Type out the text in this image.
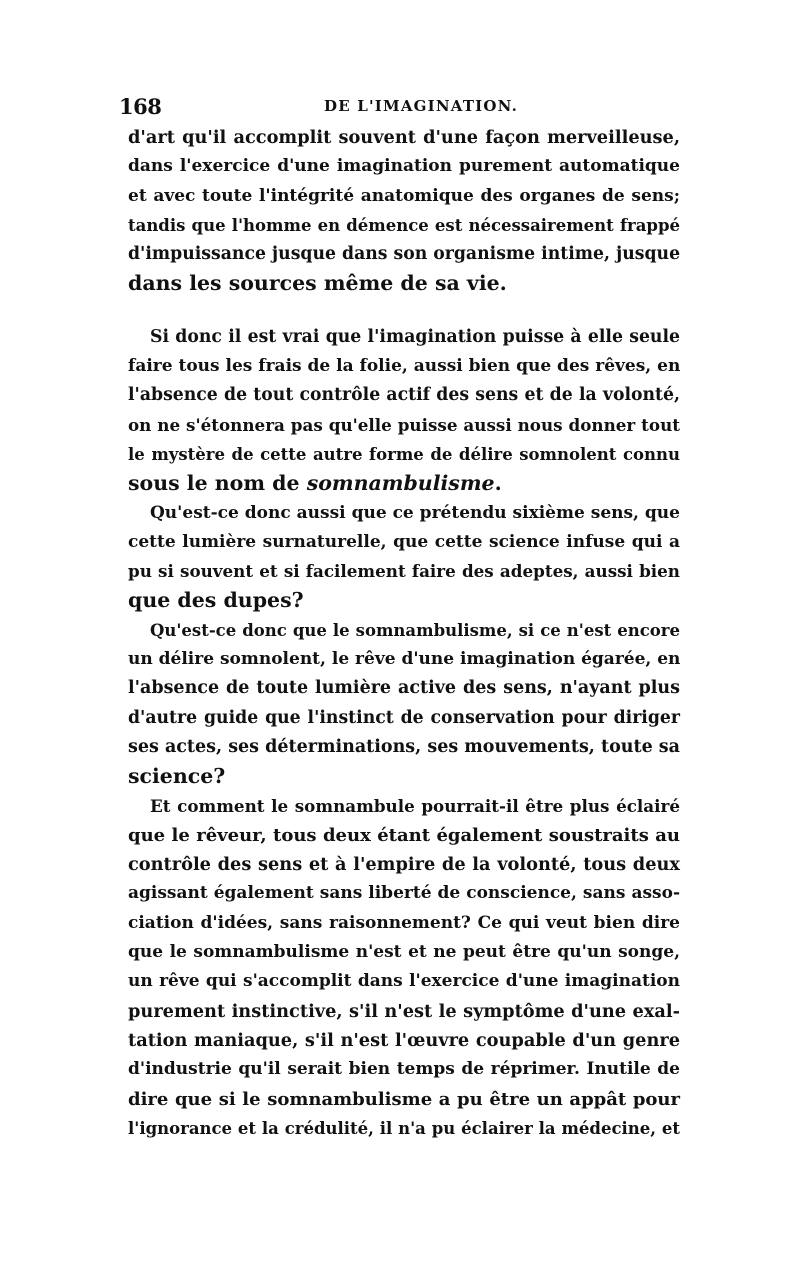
168	DE L'IMAGINATION.
d'art qu'il accomplit souvent d'une façon merveilleuse,
dans l'exercice d'une imagination purement automatique
et avec toute l'intégrité anatomique des organes de sens;
tandis que l'homme en démence est nécessairement frappé
d'impuissance jusque dans son organisme intime, jusque
dans les sources même de sa vie.
Si donc il est vrai que l'imagination puisse à elle seule
faire tous les frais de la folie, aussi bien que des rêves, en
l'absence de tout contrôle actif des sens et de la volonté,
on ne s'étonnera pas qu'elle puisse aussi nous donner tout
le mystère de cette autre forme de délire somnolent connu
sous le nom de somnambulisme.
Qu'est-ce donc aussi que ce prétendu sixième sens, que
cette lumière surnaturelle, que cette science infuse qui a
pu si souvent et si facilement faire des adeptes, aussi bien
que des dupes?
Qu'est-ce donc que le somnambulisme, si ce n'est encore
un délire somnolent, le rêve d'une imagination égarée, en
l'absence de toute lumière active des sens, n'ayant plus
d'autre guide que l'instinct de conservation pour diriger
ses actes, ses déterminations, ses mouvements, toute sa
science?
Et comment le somnambule pourrait-il être plus éclairé
que le rêveur, tous deux étant également soustraits au
contrôle des sens et à l'empire de la volonté, tous deux
agissant également sans liberté de conscience, sans asso-
ciation d'idées, sans raisonnement? Ce qui veut bien dire
que le somnambulisme n'est et ne peut être qu'un songe,
un rêve qui s'accomplit dans l'exercice d'une imagination
purement instinctive, s'il n'est le symptôme d'une exal-
tation maniaque, s'il n'est l'œuvre coupable d'un genre
d'industrie qu'il serait bien temps de réprimer. Inutile de
dire que si le somnambulisme a pu être un appât pour
l'ignorance et la crédulité, il n'a pu éclairer la médecine, et
